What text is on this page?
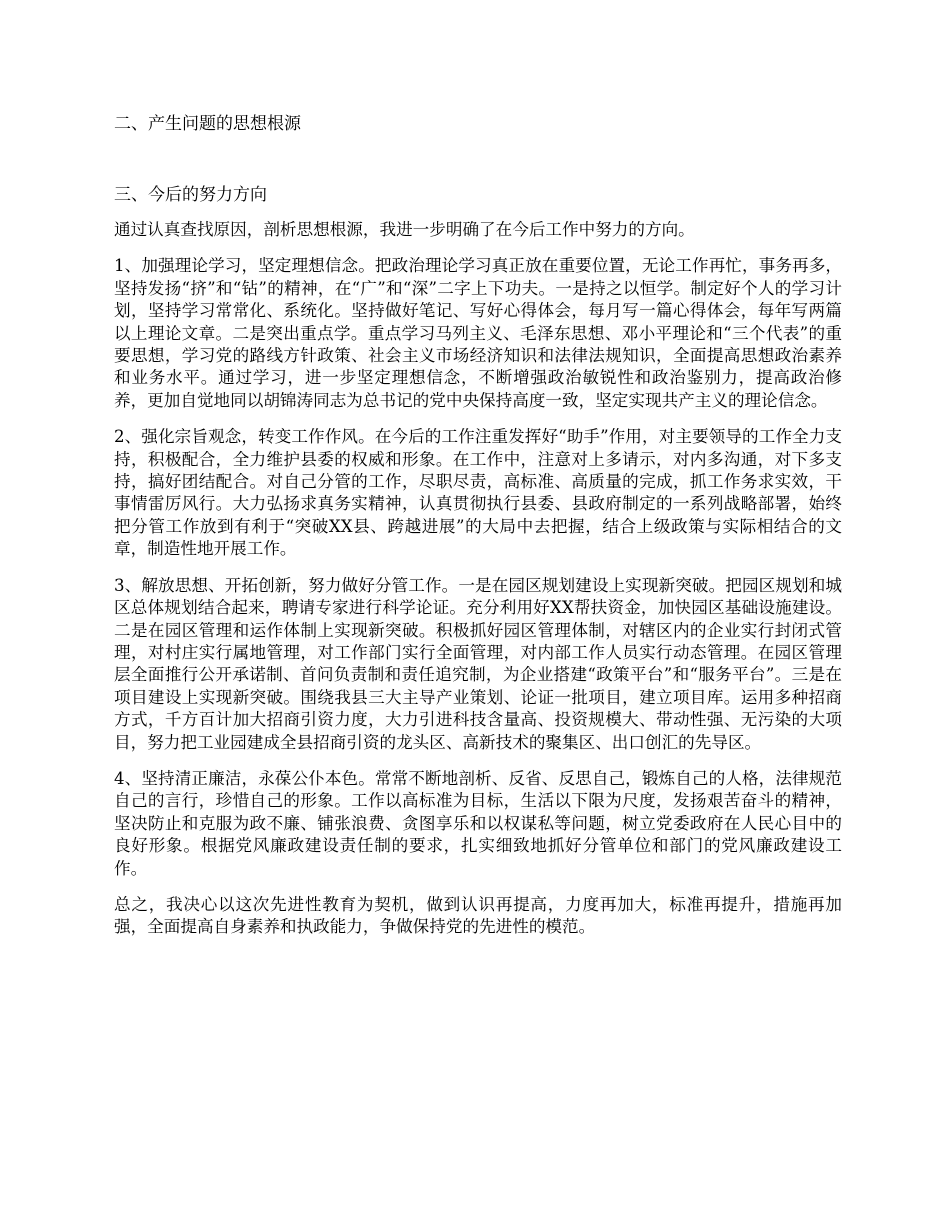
二、产生问题的思想根源
三、今后的努力方向

通过认真查找原因，剖析思想根源，我进一步明确了在今后工作中努力的方向。

1、加强理论学习，坚定理想信念。把政治理论学习真正放在重要位置，无论工作再忙，事务再多，坚持发扬“挤”和“钻”的精神，在“广”和“深”二字上下功夫。一是持之以恒学。制定好个人的学习计划，坚持学习常常化、系统化。坚持做好笔记、写好心得体会，每月写一篇心得体会，每年写两篇以上理论文章。二是突出重点学。重点学习马列主义、毛泽东思想、邓小平理论和“三个代表”的重要思想，学习党的路线方针政策、社会主义市场经济知识和法律法规知识，全面提高思想政治素养和业务水平。通过学习，进一步坚定理想信念，不断增强政治敏锐性和政治鉴别力，提高政治修养，更加自觉地同以胡锦涛同志为总书记的党中央保持高度一致，坚定实现共产主义的理论信念。

2、强化宗旨观念，转变工作作风。在今后的工作注重发挥好“助手”作用，对主要领导的工作全力支持，积极配合，全力维护县委的权威和形象。在工作中，注意对上多请示，对内多沟通，对下多支持，搞好团结配合。对自己分管的工作，尽职尽责，高标准、高质量的完成，抓工作务求实效，干事情雷厉风行。大力弘扬求真务实精神，认真贯彻执行县委、县政府制定的一系列战略部署，始终把分管工作放到有利于“突破XX县、跨越进展”的大局中去把握，结合上级政策与实际相结合的文章，制造性地开展工作。

3、解放思想、开拓创新，努力做好分管工作。一是在园区规划建设上实现新突破。把园区规划和城区总体规划结合起来，聘请专家进行科学论证。充分利用好XX帮扶资金，加快园区基础设施建设。二是在园区管理和运作体制上实现新突破。积极抓好园区管理体制，对辖区内的企业实行封闭式管理，对村庄实行属地管理，对工作部门实行全面管理，对内部工作人员实行动态管理。在园区管理层全面推行公开承诺制、首问负责制和责任追究制，为企业搭建“政策平台”和“服务平台”。三是在项目建设上实现新突破。围绕我县三大主导产业策划、论证一批项目，建立项目库。运用多种招商方式，千方百计加大招商引资力度，大力引进科技含量高、投资规模大、带动性强、无污染的大项目，努力把工业园建成全县招商引资的龙头区、高新技术的聚集区、出口创汇的先导区。

4、坚持清正廉洁，永葆公仆本色。常常不断地剖析、反省、反思自己，锻炼自己的人格，法律规范自己的言行，珍惜自己的形象。工作以高标准为目标，生活以下限为尺度，发扬艰苦奋斗的精神，坚决防止和克服为政不廉、铺张浪费、贪图享乐和以权谋私等问题，树立党委政府在人民心目中的良好形象。根据党风廉政建设责任制的要求，扎实细致地抓好分管单位和部门的党风廉政建设工作。

总之，我决心以这次先进性教育为契机，做到认识再提高，力度再加大，标准再提升，措施再加强，全面提高自身素养和执政能力，争做保持党的先进性的模范。
